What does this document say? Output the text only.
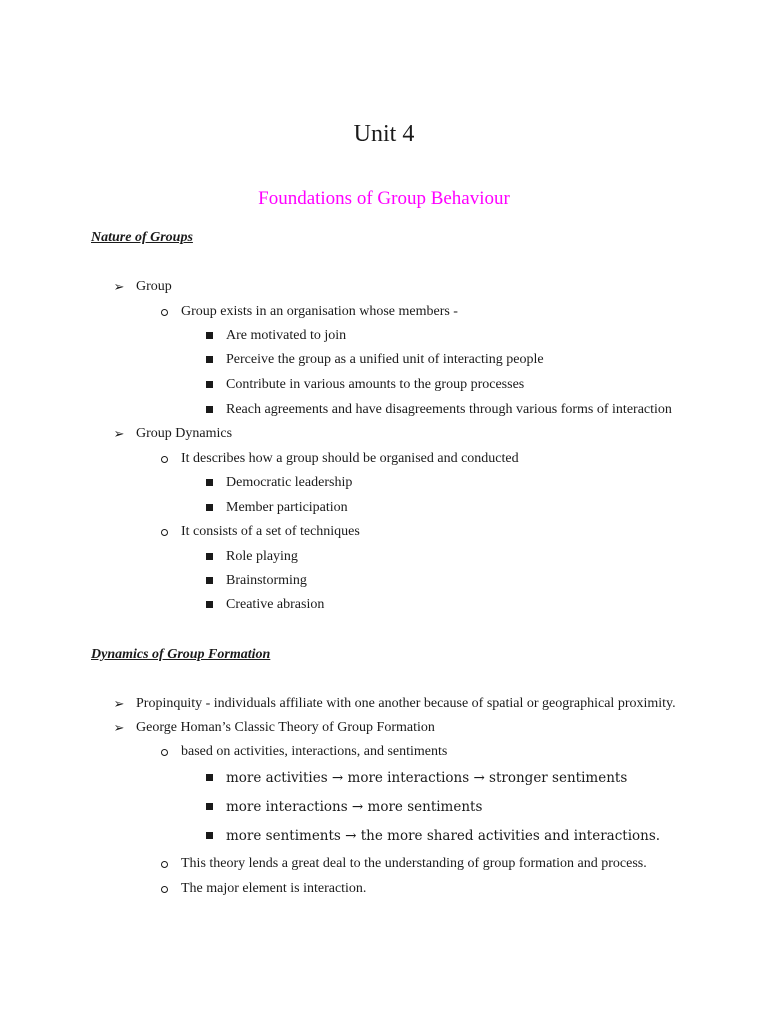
Unit 4
Foundations of Group Behaviour
Nature of Groups
➢ Group
Group exists in an organisation whose members -
Are motivated to join
Perceive the group as a unified unit of interacting people
Contribute in various amounts to the group processes
Reach agreements and have disagreements through various forms of interaction
➢ Group Dynamics
It describes how a group should be organised and conducted
Democratic leadership
Member participation
It consists of a set of techniques
Role playing
Brainstorming
Creative abrasion
Dynamics of Group Formation
➢ Propinquity - individuals affiliate with one another because of spatial or geographical proximity.
➢ George Homan’s Classic Theory of Group Formation
based on activities, interactions, and sentiments
more activities → more interactions → stronger sentiments
more interactions → more sentiments
more sentiments → the more shared activities and interactions.
This theory lends a great deal to the understanding of group formation and process.
The major element is interaction.
